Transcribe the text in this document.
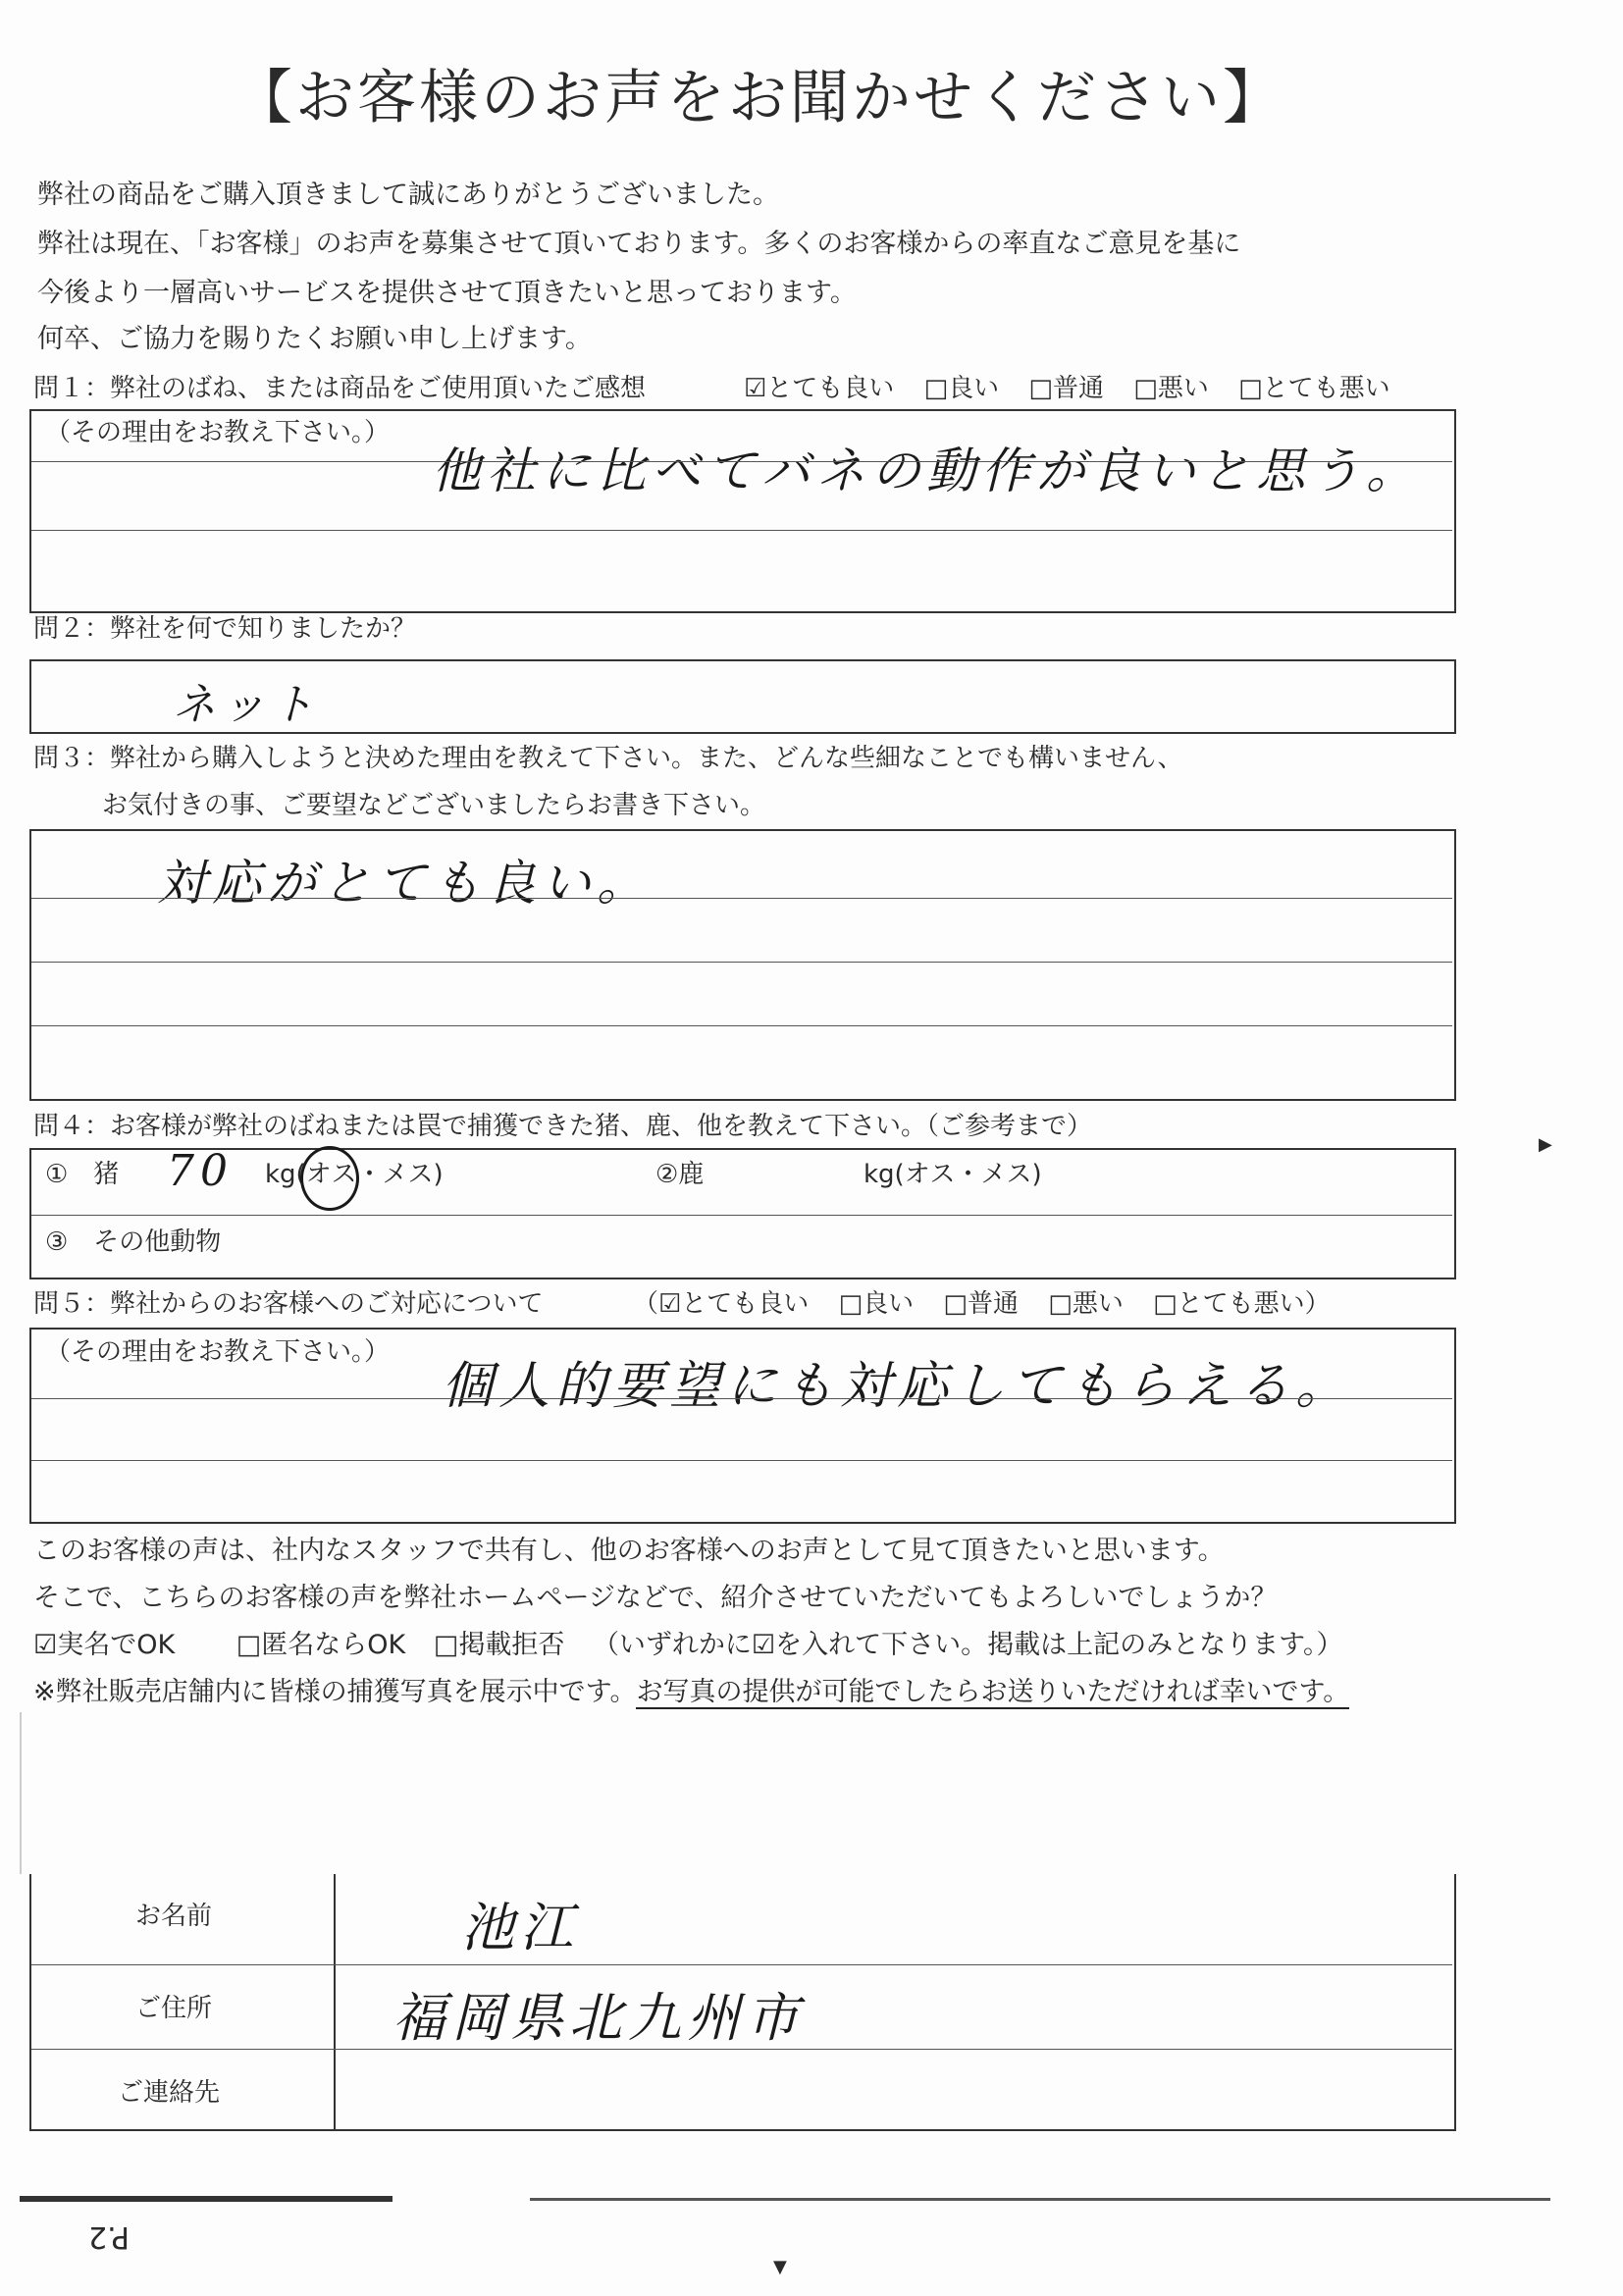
【お客様のお声をお聞かせください】
弊社の商品をご購入頂きまして誠にありがとうございました。
弊社は現在、「お客様」のお声を募集させて頂いております。多くのお客様からの率直なご意見を基に
今後より一層高いサービスを提供させて頂きたいと思っております。
何卒、ご協力を賜りたくお願い申し上げます。
問１：弊社のばね、または商品をご使用頂いたご感想	☑とても良い □良い □普通 □悪い □とても悪い
（その理由をお教え下さい。）
他社に比べてバネの動作が良いと思う。
問２：弊社を何で知りましたか？
ネット
問３：弊社から購入しようと決めた理由を教えて下さい。また、どんな些細なことでも構いません、
お気付きの事、ご要望などございましたらお書き下さい。
対応がとても良い。
問４：お客様が弊社のばねまたは罠で捕獲できた猪、鹿、他を教えて下さい。（ご参考まで）
①　猪 70 kg(オス・メス)	②鹿	kg(オス・メス)
③　その他動物
問５：弊社からのお客様へのご対応について	（☑とても良い □良い □普通 □悪い □とても悪い）
（その理由をお教え下さい。）
個人的要望にも対応してもらえる。
このお客様の声は、社内なスタッフで共有し、他のお客様へのお声として見て頂きたいと思います。
そこで、こちらのお客様の声を弊社ホームページなどで、紹介させていただいてもよろしいでしょうか？
☑実名でOK □匿名ならOK □掲載拒否 （いずれかに☑を入れて下さい。掲載は上記のみとなります。）
※弊社販売店舗内に皆様の捕獲写真を展示中です。お写真の提供が可能でしたらお送りいただければ幸いです。
お名前	池江
ご住所	福岡県北九州市
ご連絡先
P.2
▶
▼
